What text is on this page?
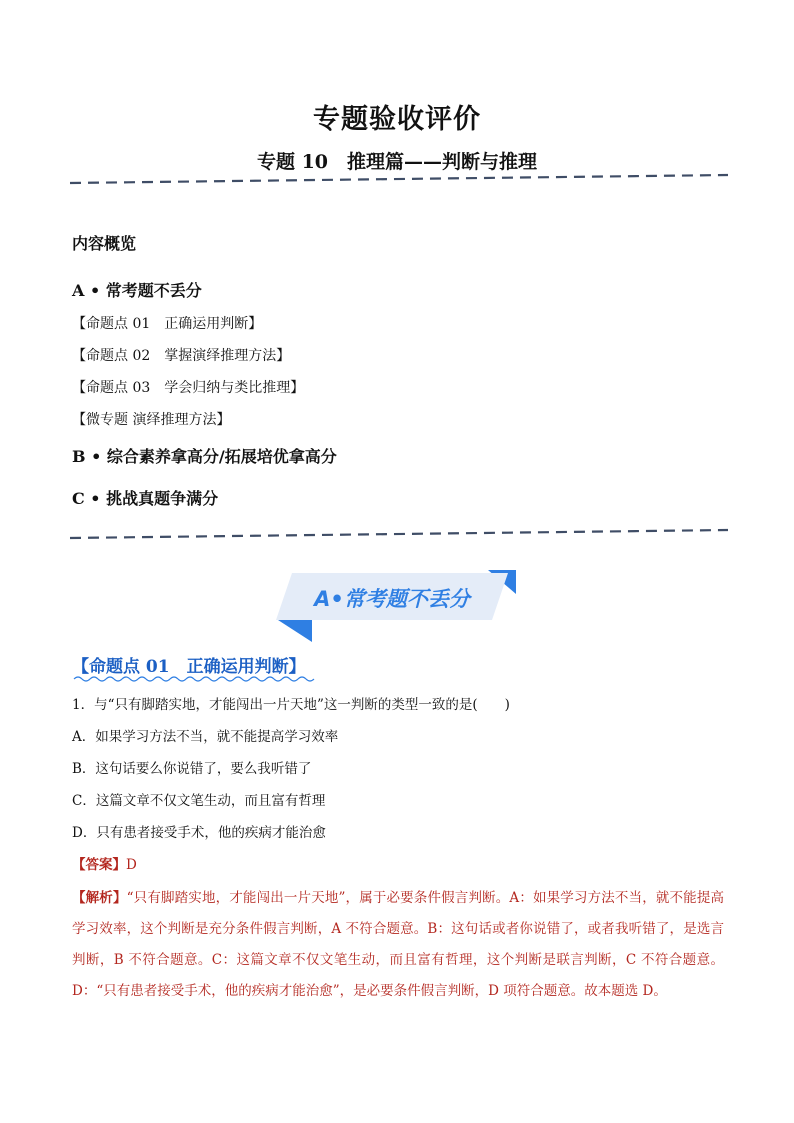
专题验收评价
专题 10　推理篇——判断与推理
内容概览
A • 常考题不丢分
【命题点 01　正确运用判断】
【命题点 02　掌握演绎推理方法】
【命题点 03　学会归纳与类比推理】
【微专题 演绎推理方法】
B • 综合素养拿高分/拓展培优拿高分
C • 挑战真题争满分
A•常考题不丢分
【命题点 01　正确运用判断】
1．与“只有脚踏实地，才能闯出一片天地”这一判断的类型一致的是(　　)
A．如果学习方法不当，就不能提高学习效率
B．这句话要么你说错了，要么我听错了
C．这篇文章不仅文笔生动，而且富有哲理
D．只有患者接受手术，他的疾病才能治愈
【答案】D
【解析】“只有脚踏实地，才能闯出一片天地”，属于必要条件假言判断。A：如果学习方法不当，就不能提高学习效率，这个判断是充分条件假言判断，A 不符合题意。B：这句话或者你说错了，或者我听错了，是选言判断，B 不符合题意。C：这篇文章不仅文笔生动，而且富有哲理，这个判断是联言判断，C 不符合题意。D：“只有患者接受手术，他的疾病才能治愈”，是必要条件假言判断，D 项符合题意。故本题选 D。
